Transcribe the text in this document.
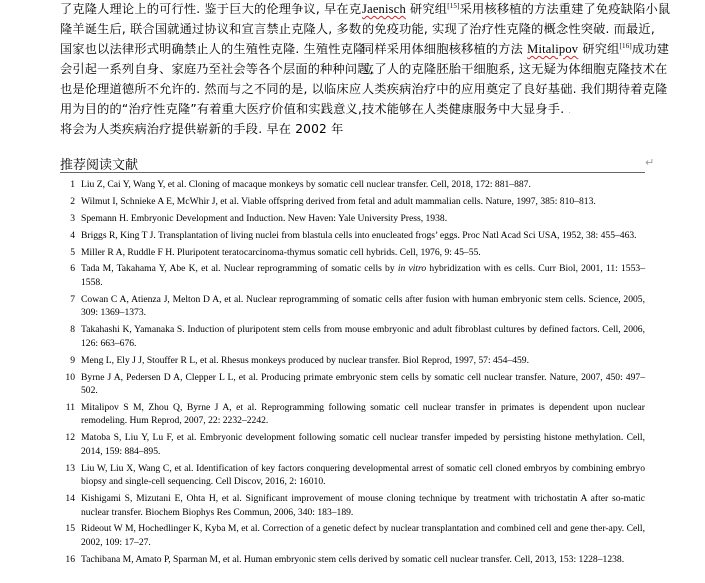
了克隆人理论上的可行性. 鉴于巨大的伦理争议, 早在克
隆羊诞生后, 联合国就通过协议和宣言禁止克隆人, 多数
国家也以法律形式明确禁止人的生殖性克隆. 生殖性克隆
会引起一系列自身、家庭乃至社会等各个层面的种种问题,
也是伦理道德所不允许的. 然而与之不同的是, 以临床应
用为目的的“治疗性克隆”有着重大医疗价值和实践意义,
将会为人类疾病治疗提供崭新的手段. 早在 2002 年
Jaenisch 研究组[15]采用核移植的方法重建了免疫缺陷小鼠
的免疫功能, 实现了治疗性克隆的概念性突破. 而最近,
同样采用体细胞核移植的方法 Mitalipov 研究组[16]成功建
立了人的克隆胚胎干细胞系, 这无疑为体细胞克隆技术在
人类疾病治疗中的应用奠定了良好基础. 我们期待着克隆
技术能够在人类健康服务中大显身手. .
推荐阅读文献	↵
1 Liu Z, Cai Y, Wang Y, et al. Cloning of macaque monkeys by somatic cell nuclear transfer. Cell, 2018, 172: 881–887.
2 Wilmut I, Schnieke A E, McWhir J, et al. Viable offspring derived from fetal and adult mammalian cells. Nature, 1997, 385: 810–813.
3 Spemann H. Embryonic Development and Induction. New Haven: Yale University Press, 1938.
4 Briggs R, King T J. Transplantation of living nuclei from blastula cells into enucleated frogs’ eggs. Proc Natl Acad Sci USA, 1952, 38: 455–463.
5 Miller R A, Ruddle F H. Pluripotent teratocarcinoma-thymus somatic cell hybrids. Cell, 1976, 9: 45–55.
6 Tada M, Takahama Y, Abe K, et al. Nuclear reprogramming of somatic cells by in vitro hybridization with es cells. Curr Biol, 2001, 11: 1553–1558.
7 Cowan C A, Atienza J, Melton D A, et al. Nuclear reprogramming of somatic cells after fusion with human embryonic stem cells. Science, 2005, 309: 1369–1373.
8 Takahashi K, Yamanaka S. Induction of pluripotent stem cells from mouse embryonic and adult fibroblast cultures by defined factors. Cell, 2006, 126: 663–676.
9 Meng L, Ely J J, Stouffer R L, et al. Rhesus monkeys produced by nuclear transfer. Biol Reprod, 1997, 57: 454–459.
10 Byrne J A, Pedersen D A, Clepper L L, et al. Producing primate embryonic stem cells by somatic cell nuclear transfer. Nature, 2007, 450: 497–502.
11 Mitalipov S M, Zhou Q, Byrne J A, et al. Reprogramming following somatic cell nuclear transfer in primates is dependent upon nuclear remodeling. Hum Reprod, 2007, 22: 2232–2242.
12 Matoba S, Liu Y, Lu F, et al. Embryonic development following somatic cell nuclear transfer impeded by persisting histone methylation. Cell, 2014, 159: 884–895.
13 Liu W, Liu X, Wang C, et al. Identification of key factors conquering developmental arrest of somatic cell cloned embryos by combining embryo biopsy and single-cell sequencing. Cell Discov, 2016, 2: 16010.
14 Kishigami S, Mizutani E, Ohta H, et al. Significant improvement of mouse cloning technique by treatment with trichostatin A after so-matic nuclear transfer. Biochem Biophys Res Commun, 2006, 340: 183–189.
15 Rideout W M, Hochedlinger K, Kyba M, et al. Correction of a genetic defect by nuclear transplantation and combined cell and gene ther-apy. Cell, 2002, 109: 17–27.
16 Tachibana M, Amato P, Sparman M, et al. Human embryonic stem cells derived by somatic cell nuclear transfer. Cell, 2013, 153: 1228–1238.
